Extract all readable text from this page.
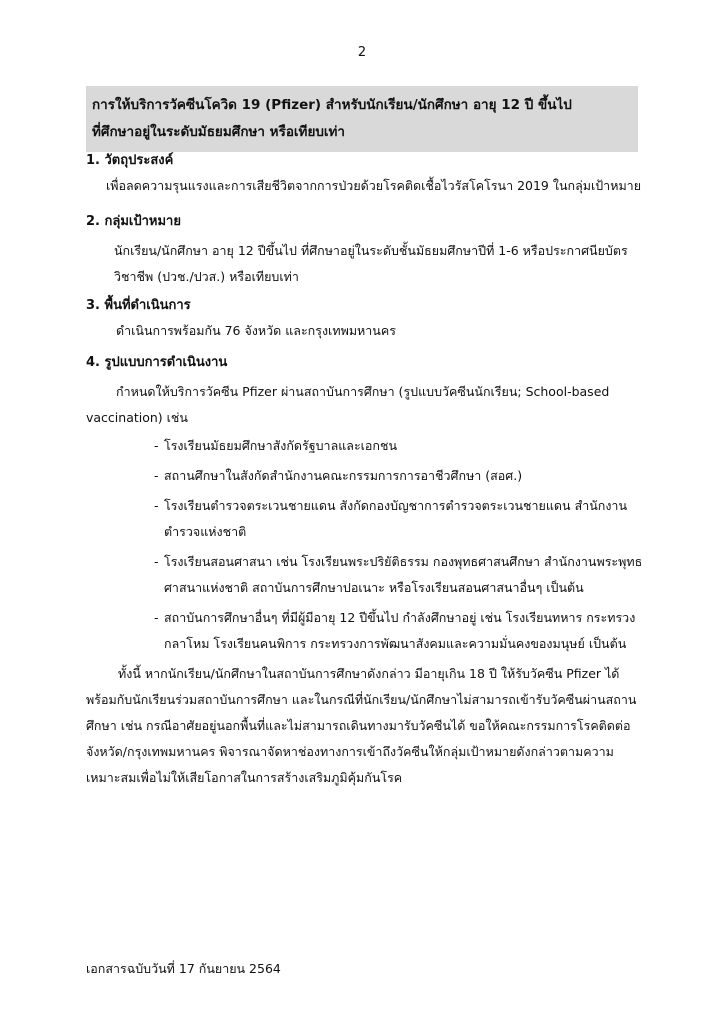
2
การให้บริการวัคซีนโควิด 19 (Pfizer) สำหรับนักเรียน/นักศึกษา อายุ 12 ปี ขึ้นไป
ที่ศึกษาอยู่ในระดับมัธยมศึกษา หรือเทียบเท่า
1. วัตถุประสงค์

เพื่อลดความรุนแรงและการเสียชีวิตจากการป่วยด้วยโรคติดเชื้อไวรัสโคโรนา 2019 ในกลุ่มเป้าหมาย

2. กลุ่มเป้าหมาย

นักเรียน/นักศึกษา อายุ 12 ปีขึ้นไป ที่ศึกษาอยู่ในระดับชั้นมัธยมศึกษาปีที่ 1-6 หรือประกาศนียบัตร

วิชาชีพ (ปวช./ปวส.) หรือเทียบเท่า

3. พื้นที่ดำเนินการ

ดำเนินการพร้อมกัน 76 จังหวัด และกรุงเทพมหานคร

4. รูปแบบการดำเนินงาน

กำหนดให้บริการวัคซีน Pfizer ผ่านสถาบันการศึกษา (รูปแบบวัคซีนนักเรียน; School-based

vaccination) เช่น

- โรงเรียนมัธยมศึกษาสังกัดรัฐบาลและเอกชน
- สถานศึกษาในสังกัดสำนักงานคณะกรรมการการอาชีวศึกษา (สอศ.)
- โรงเรียนตำรวจตระเวนชายแดน สังกัดกองบัญชาการตำรวจตระเวนชายแดน สำนักงานตำรวจแห่งชาติ
- โรงเรียนสอนศาสนา เช่น โรงเรียนพระปริยัติธรรม กองพุทธศาสนศึกษา สำนักงานพระพุทธศาสนาแห่งชาติ สถาบันการศึกษาปอเนาะ หรือโรงเรียนสอนศาสนาอื่นๆ เป็นต้น
- สถาบันการศึกษาอื่นๆ ที่มีผู้มีอายุ 12 ปีขึ้นไป กำลังศึกษาอยู่ เช่น โรงเรียนทหาร กระทรวงกลาโหม โรงเรียนคนพิการ กระทรวงการพัฒนาสังคมและความมั่นคงของมนุษย์ เป็นต้น

ทั้งนี้ หากนักเรียน/นักศึกษาในสถาบันการศึกษาดังกล่าว มีอายุเกิน 18 ปี ให้รับวัคซีน Pfizer ได้พร้อมกับนักเรียนร่วมสถาบันการศึกษา และในกรณีที่นักเรียน/นักศึกษาไม่สามารถเข้ารับวัคซีนผ่านสถานศึกษา เช่น กรณีอาศัยอยู่นอกพื้นที่และไม่สามารถเดินทางมารับวัคซีนได้ ขอให้คณะกรรมการโรคติดต่อจังหวัด/กรุงเทพมหานคร พิจารณาจัดหาช่องทางการเข้าถึงวัคซีนให้กลุ่มเป้าหมายดังกล่าวตามความเหมาะสมเพื่อไม่ให้เสียโอกาสในการสร้างเสริมภูมิคุ้มกันโรค

เอกสารฉบับวันที่ 17 กันยายน 2564
